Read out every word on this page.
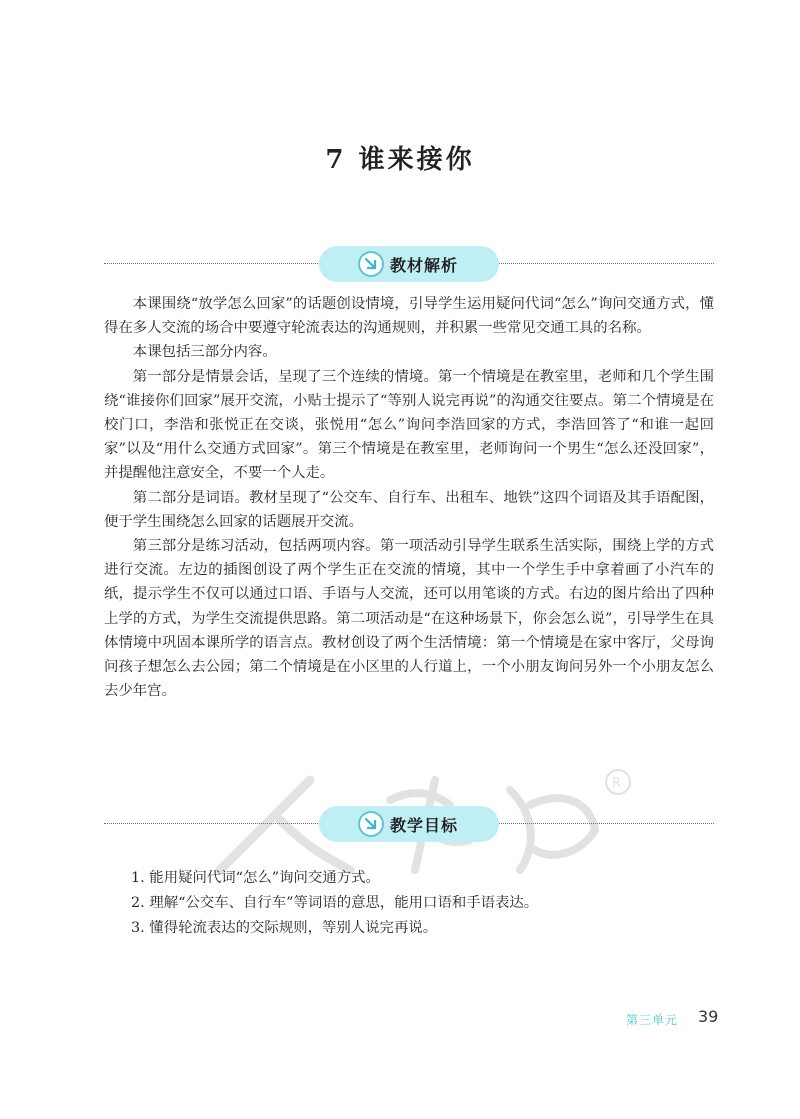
7 谁来接你
教材解析

本课围绕“放学怎么回家”的话题创设情境，引导学生运用疑问代词“怎么”询问交通方式，懂得在多人交流的场合中要遵守轮流表达的沟通规则，并积累一些常见交通工具的名称。

本课包括三部分内容。

第一部分是情景会话，呈现了三个连续的情境。第一个情境是在教室里，老师和几个学生围绕“谁接你们回家”展开交流，小贴士提示了“等别人说完再说”的沟通交往要点。第二个情境是在校门口，李浩和张悦正在交谈，张悦用“怎么”询问李浩回家的方式，李浩回答了“和谁一起回家”以及“用什么交通方式回家”。第三个情境是在教室里，老师询问一个男生“怎么还没回家”，并提醒他注意安全，不要一个人走。

第二部分是词语。教材呈现了“公交车、自行车、出租车、地铁”这四个词语及其手语配图，便于学生围绕怎么回家的话题展开交流。

第三部分是练习活动，包括两项内容。第一项活动引导学生联系生活实际，围绕上学的方式进行交流。左边的插图创设了两个学生正在交流的情境，其中一个学生手中拿着画了小汽车的纸，提示学生不仅可以通过口语、手语与人交流，还可以用笔谈的方式。右边的图片给出了四种上学的方式，为学生交流提供思路。第二项活动是“在这种场景下，你会怎么说”，引导学生在具体情境中巩固本课所学的语言点。教材创设了两个生活情境：第一个情境是在家中客厅，父母询问孩子想怎么去公园；第二个情境是在小区里的人行道上，一个小朋友询问另外一个小朋友怎么去少年宫。

R
教学目标
1. 能用疑问代词“怎么”询问交通方式。
2. 理解“公交车、自行车”等词语的意思，能用口语和手语表达。
3. 懂得轮流表达的交际规则，等别人说完再说。
第三单元 39
